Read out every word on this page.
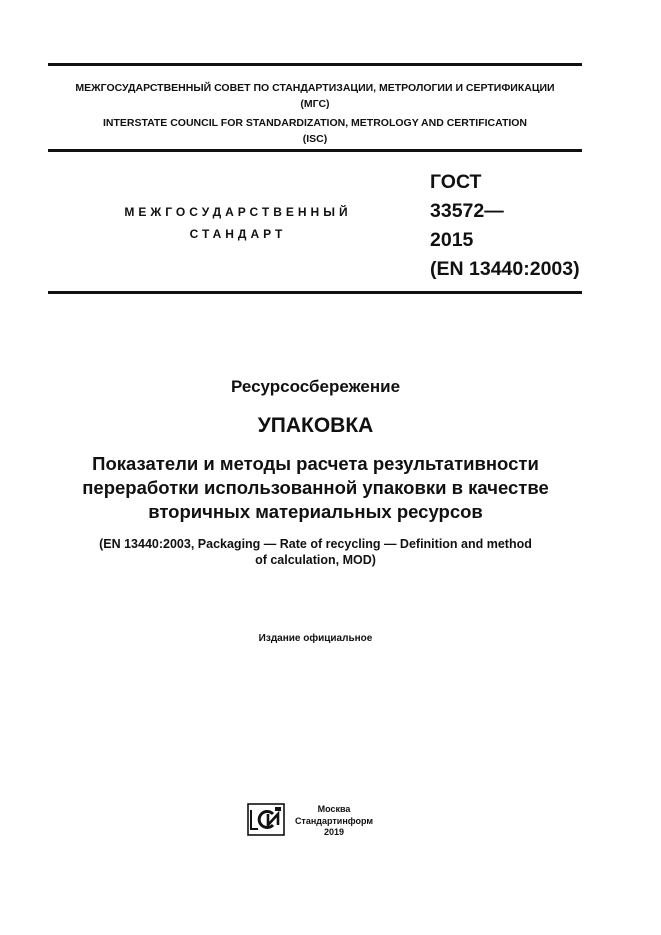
МЕЖГОСУДАРСТВЕННЫЙ СОВЕТ ПО СТАНДАРТИЗАЦИИ, МЕТРОЛОГИИ И СЕРТИФИКАЦИИ
(МГС)
INTERSTATE COUNCIL FOR STANDARDIZATION, METROLOGY AND CERTIFICATION
(ISC)
МЕЖГОСУДАРСТВЕННЫЙ
СТАНДАРТ
ГОСТ
33572—
2015
(EN 13440:2003)
Ресурсосбережение
УПАКОВКА
Показатели и методы расчета результативности
переработки использованной упаковки в качестве
вторичных материальных ресурсов
(EN 13440:2003, Packaging — Rate of recycling — Definition and method
of calculation, MOD)
Издание официальное
Москва
Стандартинформ
2019
